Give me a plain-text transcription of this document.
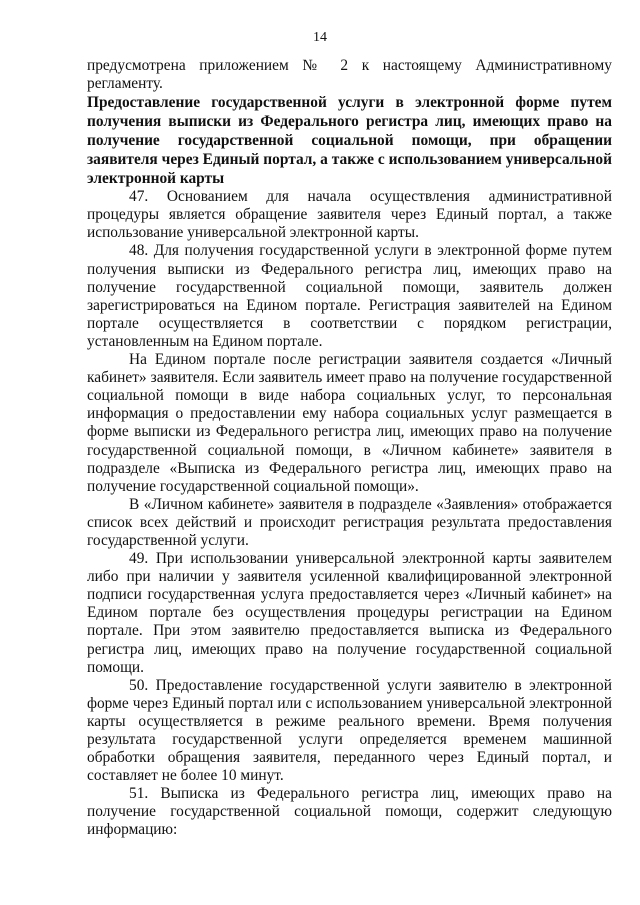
14

предусмотрена приложением № 2 к настоящему Административному регламенту.

Предоставление государственной услуги в электронной форме путем получения выписки из Федерального регистра лиц, имеющих право на получение государственной социальной помощи, при обращении заявителя через Единый портал, а также с использованием универсальной электронной карты

47. Основанием для начала осуществления административной процедуры является обращение заявителя через Единый портал, а также использование универсальной электронной карты.

48. Для получения государственной услуги в электронной форме путем получения выписки из Федерального регистра лиц, имеющих право на получение государственной социальной помощи, заявитель должен зарегистрироваться на Едином портале. Регистрация заявителей на Едином портале осуществляется в соответствии с порядком регистрации, установленным на Едином портале.

На Едином портале после регистрации заявителя создается «Личный кабинет» заявителя. Если заявитель имеет право на получение государственной социальной помощи в виде набора социальных услуг, то персональная информация о предоставлении ему набора социальных услуг размещается в форме выписки из Федерального регистра лиц, имеющих право на получение государственной социальной помощи, в «Личном кабинете» заявителя в подразделе «Выписка из Федерального регистра лиц, имеющих право на получение государственной социальной помощи».

В «Личном кабинете» заявителя в подразделе «Заявления» отображается список всех действий и происходит регистрация результата предоставления государственной услуги.

49. При использовании универсальной электронной карты заявителем либо при наличии у заявителя усиленной квалифицированной электронной подписи государственная услуга предоставляется через «Личный кабинет» на Едином портале без осуществления процедуры регистрации на Едином портале. При этом заявителю предоставляется выписка из Федерального регистра лиц, имеющих право на получение государственной социальной помощи.

50. Предоставление государственной услуги заявителю в электронной форме через Единый портал или с использованием универсальной электронной карты осуществляется в режиме реального времени. Время получения результата государственной услуги определяется временем машинной обработки обращения заявителя, переданного через Единый портал, и составляет не более 10 минут.

51. Выписка из Федерального регистра лиц, имеющих право на получение государственной социальной помощи, содержит следующую информацию:
